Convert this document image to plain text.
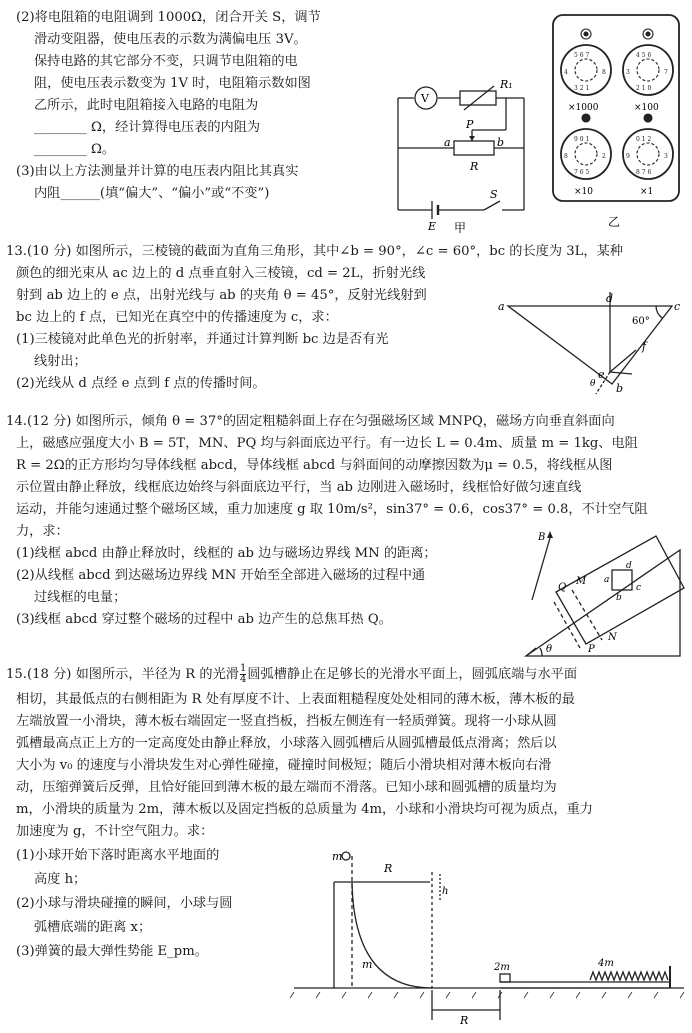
(2)将电阻箱的电阻调到 1000Ω，闭合开关 S，调节
滑动变阻器，使电压表的示数为满偏电压 3V。
保持电路的其它部分不变，只调节电阻箱的电
阻，使电压表示数变为 1V 时，电阻箱示数如图
乙所示，此时电阻箱接入电路的电阻为
________ Ω，经计算得电压表的内阻为
________ Ω。
(3)由以上方法测量并计算的电压表内阻比其真实
内阻______(填“偏大”、“偏小”或“不变”)
V
R₁
P
a	b
R
E
S
甲
5 6 7
4	8
3 2 1
4 5 6
3	7
2 1 0
9 0 1
8	2
7 6 5
0 1 2
9	3
8 7 6
×1000	×100
×10	×1
乙
13.(10 分) 如图所示，三棱镜的截面为直角三角形，其中∠b = 90°，∠c = 60°，bc 的长度为 3L，某种
颜色的细光束从 ac 边上的 d 点垂直射入三棱镜，cd = 2L，折射光线
射到 ab 边上的 e 点，出射光线与 ab 的夹角 θ = 45°，反射光线射到
bc 边上的 f 点，已知光在真空中的传播速度为 c，求：
(1)三棱镜对此单色光的折射率，并通过计算判断 bc 边是否有光
线射出；
(2)光线从 d 点经 e 点到 f 点的传播时间。
a
d
c
60°
f
e
b
θ
14.(12 分) 如图所示，倾角 θ = 37°的固定粗糙斜面上存在匀强磁场区域 MNPQ，磁场方向垂直斜面向
上，磁感应强度大小 B = 5T，MN、PQ 均与斜面底边平行。有一边长 L = 0.4m、质量 m = 1kg、电阻
R = 2Ω的正方形均匀导体线框 abcd，导体线框 abcd 与斜面间的动摩擦因数为μ = 0.5，将线框从图
示位置由静止释放，线框底边始终与斜面底边平行，当 ab 边刚进入磁场时，线框恰好做匀速直线
运动，并能匀速通过整个磁场区域，重力加速度 g 取 10m/s²，sin37° = 0.6，cos37° = 0.8，不计空气阻
力，求：
(1)线框 abcd 由静止释放时，线框的 ab 边与磁场边界线 MN 的距离；
(2)从线框 abcd 到达磁场边界线 MN 开始至全部进入磁场的过程中通
过线框的电量；
(3)线框 abcd 穿过整个磁场的过程中 ab 边产生的总焦耳热 Q。
B
Q
M a
d
b
c
N
P
θ
15.(18 分) 如图所示，半径为 R 的光滑 $\frac{1}{4}$ 圆弧槽静止在足够长的光滑水平面上，圆弧底端与水平面
相切，其最低点的右侧相距为 R 处有厚度不计、上表面粗糙程度处处相同的薄木板，薄木板的最
左端放置一小滑块，薄木板右端固定一竖直挡板，挡板左侧连有一轻质弹簧。现将一小球从圆
弧槽最高点正上方的一定高度处由静止释放，小球落入圆弧槽后从圆弧槽最低点滑离；然后以
大小为 v₀ 的速度与小滑块发生对心弹性碰撞，碰撞时间极短；随后小滑块相对薄木板向右滑
动，压缩弹簧后反弹，且恰好能回到薄木板的最左端而不滑落。已知小球和圆弧槽的质量均为
m，小滑块的质量为 2m，薄木板以及固定挡板的总质量为 4m，小球和小滑块均可视为质点，重力
加速度为 g，不计空气阻力。求：
(1)小球开始下落时距离水平地面的
高度 h；
(2)小球与滑块碰撞的瞬间，小球与圆
弧槽底端的距离 x；
(3)弹簧的最大弹性势能 E_pm。
m
R
h
m	2m	4m
R
